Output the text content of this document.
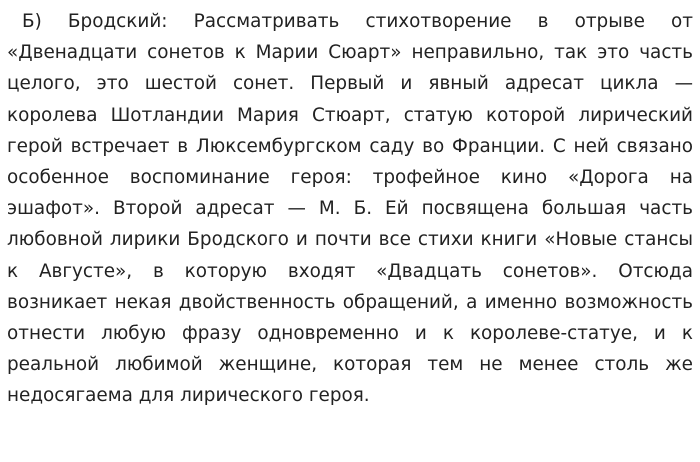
Б) Бродский: Рассматривать стихотворение в отрыве от «Двенадцати сонетов к Марии Сюарт» неправильно, так это часть целого, это шестой сонет. Первый и явный адресат цикла — королева Шотландии Мария Стюарт, статую которой лирический герой встречает в Люксембургском саду во Франции. С ней связано особенное воспоминание героя: трофейное кино «Дорога на эшафот». Второй адресат — М. Б. Ей посвящена большая часть любовной лирики Бродского и почти все стихи книги «Новые стансы к Августе», в которую входят «Двадцать сонетов». Отсюда возникает некая двойственность обращений, а именно возможность отнести любую фразу одновременно и к королеве-статуе, и к реальной любимой женщине, которая тем не менее столь же недосягаема для лирического героя.
